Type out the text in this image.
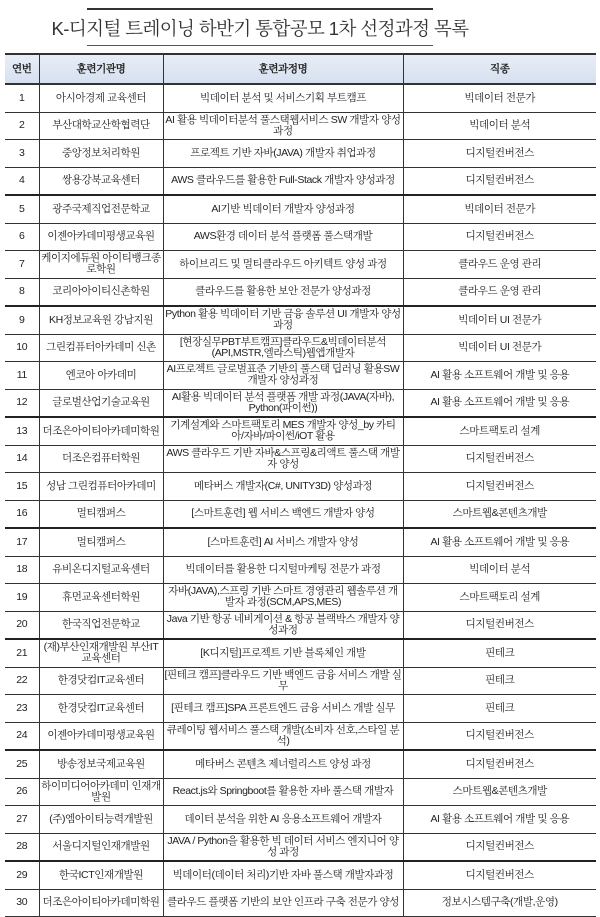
K-디지털 트레이닝 하반기 통합공모 1차 선정과정 목록
연번	훈련기관명	훈련과정명	직종
1	아시아경제 교육센터	빅데이터 분석 및 서비스기획 부트캠프	빅데이터 전문가
2	부산대학교산학협력단	AI 활용 빅데이터분석 풀스택웹서비스 SW 개발자 양성과정	빅데이터 분석
3	중앙정보처리학원	프로젝트 기반 자바(JAVA) 개발자 취업과정	디지털컨버전스
4	쌍용강북교육센터	AWS 클라우드를 활용한 Full-Stack 개발자 양성과정	디지털컨버전스
5	광주국제직업전문학교	AI기반 빅데이터 개발자 양성과정	빅데이터 전문가
6	이젠아카데미평생교육원	AWS환경 데이터 분석 플랫폼 풀스택개발	디지털컨버전스
7	케이지에듀원 아이티뱅크종로학원	하이브리드 및 멀티클라우드 아키텍트 양성 과정	클라우드 운영 관리
8	코리아아이티신촌학원	클라우드를 활용한 보안 전문가 양성과정	클라우드 운영 관리
9	KH정보교육원 강남지원	Python 활용 빅데이터 기반 금융 솔루션 UI 개발자 양성과정	빅데이터 UI 전문가
10	그린컴퓨터아카데미 신촌	[현장실무PBT부트캠프]클라우드&빅데이터분석(API,MSTR,엘라스틱)웹앱개발자	빅데이터 UI 전문가
11	엔코아 아카데미	AI프로젝트 글로벌표준 기반의 풀스택 딥러닝 활용SW 개발자 양성과정	AI 활용 소프트웨어 개발 및 응용
12	글로벌산업기술교육원	AI활용 빅데이터 분석 플랫폼 개발 과정(JAVA(자바), Python(파이썬))	AI 활용 소프트웨어 개발 및 응용
13	더조은아이티아카데미학원	기계설계와 스마트팩토리 MES 개발자 양성_by 카티아/자바/파이썬/iOT 활용	스마트팩토리 설계
14	더조은컴퓨터학원	AWS 클라우드 기반 자바&스프링&리액트 풀스택 개발자 양성	디지털컨버전스
15	성남 그린컴퓨터아카데미	메타버스 개발자(C#, UNITY3D) 양성과정	디지털컨버전스
16	멀티캠퍼스	[스마트훈련] 웹 서비스 백엔드 개발자 양성	스마트웹&콘텐츠개발
17	멀티캠퍼스	[스마트훈련] AI 서비스 개발자 양성	AI 활용 소프트웨어 개발 및 응용
18	유비온디지털교육센터	빅데이터를 활용한 디지털마케팅 전문가 과정	빅데이터 분석
19	휴먼교육센터학원	자바(JAVA),스프링 기반 스마트 경영관리 웹솔루션 개발자 과정(SCM,APS,MES)	스마트팩토리 설계
20	한국직업전문학교	Java 기반 항공 네비게이션 & 항공 블랙박스 개발자 양성과정	디지털컨버전스
21	(재)부산인재개발원 부산IT교육센터	[K디지털]프로젝트 기반 블록체인 개발	핀테크
22	한경닷컴IT교육센터	[핀테크 캠프]클라우드 기반 백엔드 금융 서비스 개발 실무	핀테크
23	한경닷컴IT교육센터	[핀테크 캠프]SPA 프론트엔드 금융 서비스 개발 실무	핀테크
24	이젠아카데미평생교육원	큐레이팅 웹서비스 풀스택 개발(소비자 선호,스타일 분석)	디지털컨버전스
25	방송정보국제교육원	메타버스 콘텐츠 제너럴리스트 양성 과정	디지털컨버전스
26	하이미디어아카데미 인재개발원	React.js와 Springboot를 활용한 자바 풀스택 개발자	스마트웹&콘텐츠개발
27	(주)엠아이티능력개발원	데이터 분석을 위한 AI 응용소프트웨어 개발자	AI 활용 소프트웨어 개발 및 응용
28	서울디지털인재개발원	JAVA / Python을 활용한 빅 데이터 서비스 엔지니어 양성 과정	디지털컨버전스
29	한국ICT인재개발원	빅데이터(데이터 처리)기반 자바 풀스택 개발자과정	디지털컨버전스
30	더조은아이티아카데미학원	클라우드 플랫폼 기반의 보안 인프라 구축 전문가 양성	정보시스템구축(개발,운영)
